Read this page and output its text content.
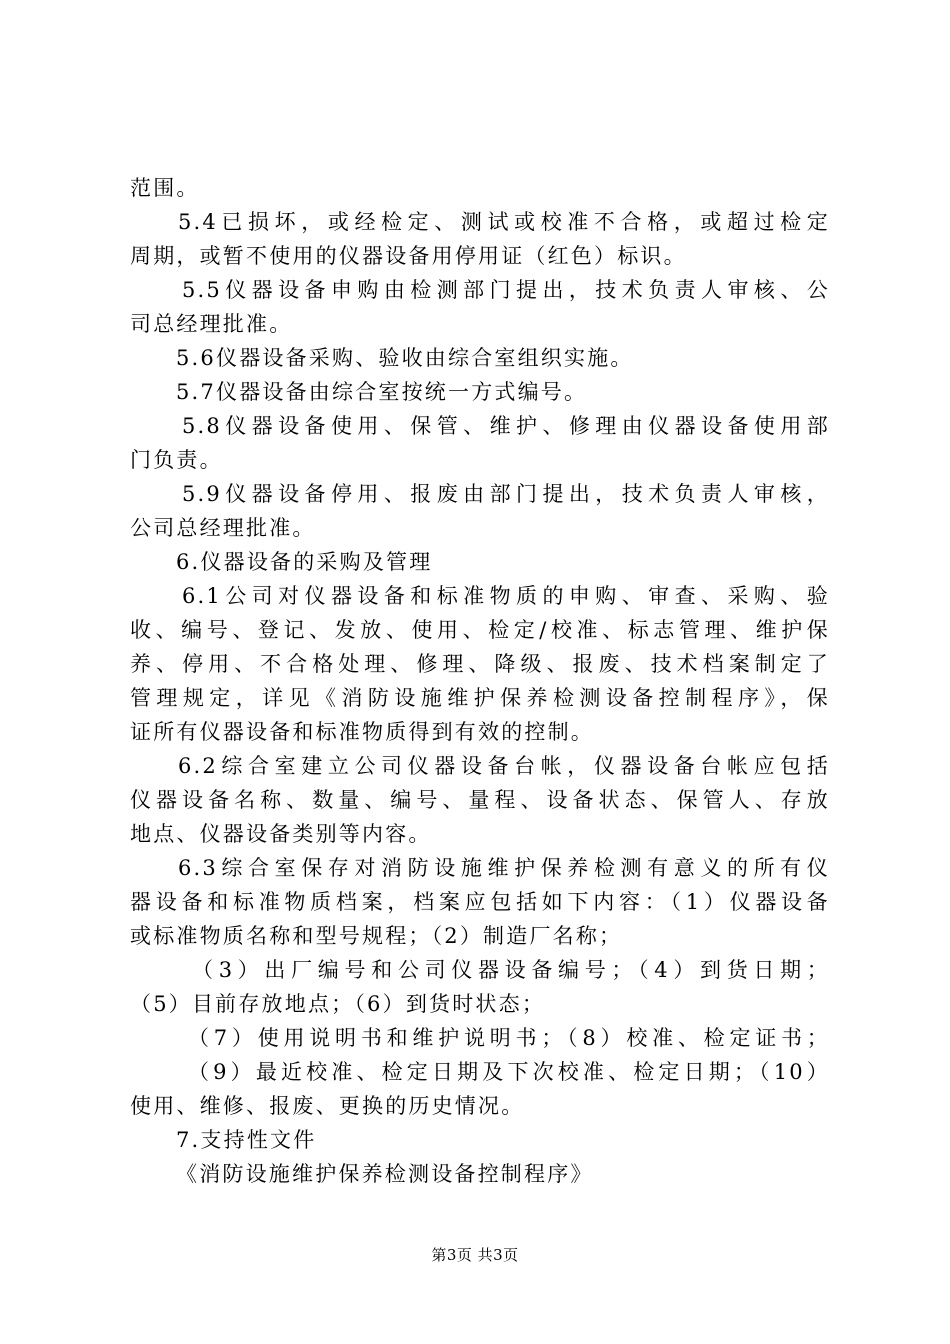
范围。
5.4已损坏，或经检定、测试或校准不合格，或超过检定
周期，或暂不使用的仪器设备用停用证（红色）标识。
5.5仪器设备申购由检测部门提出，技术负责人审核、公
司总经理批准。
5.6仪器设备采购、验收由综合室组织实施。
5.7仪器设备由综合室按统一方式编号。
5.8仪器设备使用、保管、维护、修理由仪器设备使用部
门负责。
5.9仪器设备停用、报废由部门提出，技术负责人审核，
公司总经理批准。
6.仪器设备的采购及管理
6.1公司对仪器设备和标准物质的申购、审查、采购、验
收、编号、登记、发放、使用、检定/校准、标志管理、维护保
养、停用、不合格处理、修理、降级、报废、技术档案制定了
管理规定，详见《消防设施维护保养检测设备控制程序》，保
证所有仪器设备和标准物质得到有效的控制。
6.2综合室建立公司仪器设备台帐，仪器设备台帐应包括
仪器设备名称、数量、编号、量程、设备状态、保管人、存放
地点、仪器设备类别等内容。
6.3综合室保存对消防设施维护保养检测有意义的所有仪
器设备和标准物质档案，档案应包括如下内容：（1）仪器设备
或标准物质名称和型号规程；（2）制造厂名称；
（3）出厂编号和公司仪器设备编号；（4）到货日期；
（5）目前存放地点；（6）到货时状态；
（7）使用说明书和维护说明书；（8）校准、检定证书；
（9）最近校准、检定日期及下次校准、检定日期；（10）
使用、维修、报废、更换的历史情况。
7.支持性文件
《消防设施维护保养检测设备控制程序》
第3页 共3页
